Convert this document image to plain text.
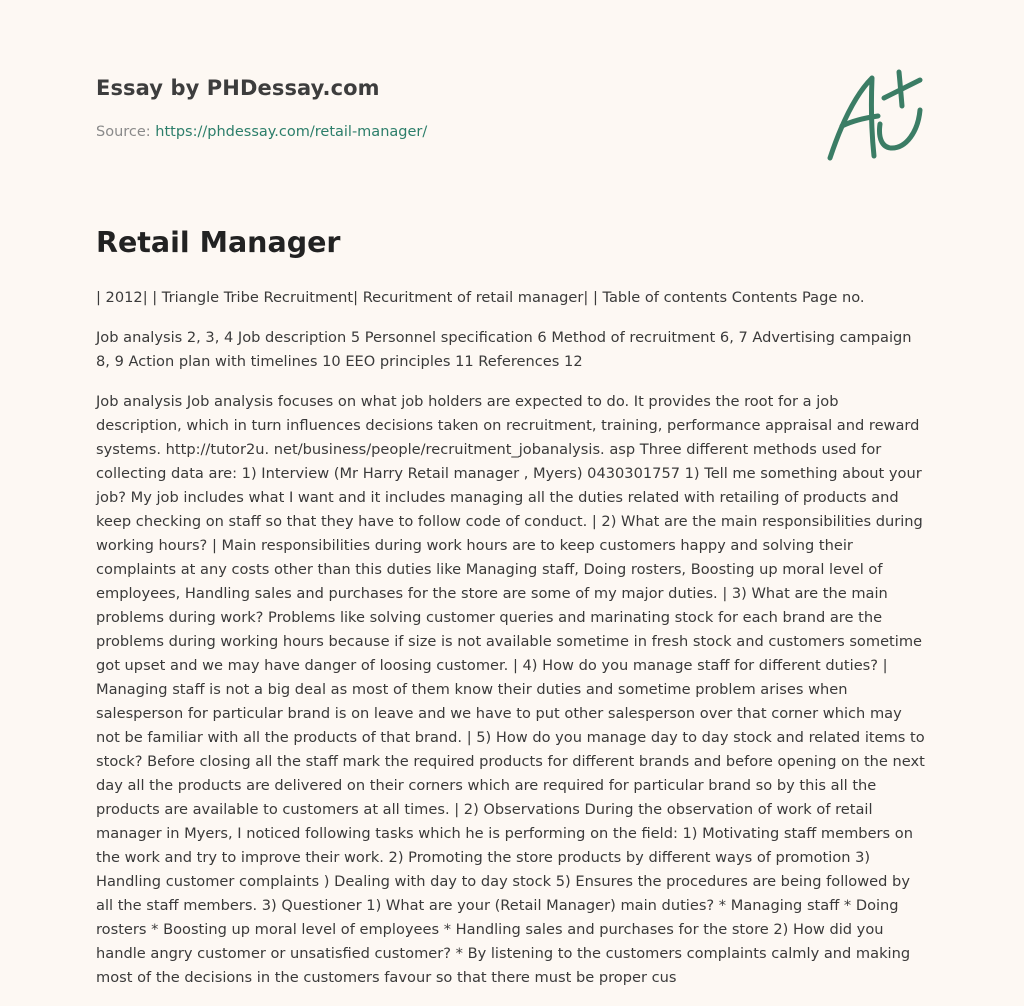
Essay by PHDessay.com
Source: https://phdessay.com/retail-manager/
Retail Manager

| 2012| | Triangle Tribe Recruitment| Recuritment of retail manager| | Table of contents Contents Page no.

Job analysis 2, 3, 4 Job description 5 Personnel specification 6 Method of recruitment 6, 7 Advertising campaign 8, 9 Action plan with timelines 10 EEO principles 11 References 12

Job analysis Job analysis focuses on what job holders are expected to do. It provides the root for a job description, which in turn influences decisions taken on recruitment, training, performance appraisal and reward systems. http://tutor2u. net/business/people/recruitment_jobanalysis. asp Three different methods used for collecting data are: 1) Interview (Mr Harry Retail manager , Myers) 0430301757 1) Tell me something about your job? My job includes what I want and it includes managing all the duties related with retailing of products and keep checking on staff so that they have to follow code of conduct. | 2) What are the main responsibilities during working hours? | Main responsibilities during work hours are to keep customers happy and solving their complaints at any costs other than this duties like Managing staff, Doing rosters, Boosting up moral level of employees, Handling sales and purchases for the store are some of my major duties. | 3) What are the main problems during work? Problems like solving customer queries and marinating stock for each brand are the problems during working hours because if size is not available sometime in fresh stock and customers sometime got upset and we may have danger of loosing customer. | 4) How do you manage staff for different duties? | Managing staff is not a big deal as most of them know their duties and sometime problem arises when salesperson for particular brand is on leave and we have to put other salesperson over that corner which may not be familiar with all the products of that brand. | 5) How do you manage day to day stock and related items to stock? Before closing all the staff mark the required products for different brands and before opening on the next day all the products are delivered on their corners which are required for particular brand so by this all the products are available to customers at all times. | 2) Observations During the observation of work of retail manager in Myers, I noticed following tasks which he is performing on the field: 1) Motivating staff members on the work and try to improve their work. 2) Promoting the store products by different ways of promotion 3) Handling customer complaints ) Dealing with day to day stock 5) Ensures the procedures are being followed by all the staff members. 3) Questioner 1) What are your (Retail Manager) main duties? * Managing staff * Doing rosters * Boosting up moral level of employees * Handling sales and purchases for the store 2) How did you handle angry customer or unsatisfied customer? * By listening to the customers complaints calmly and making most of the decisions in the customers favour so that there must be proper cus
